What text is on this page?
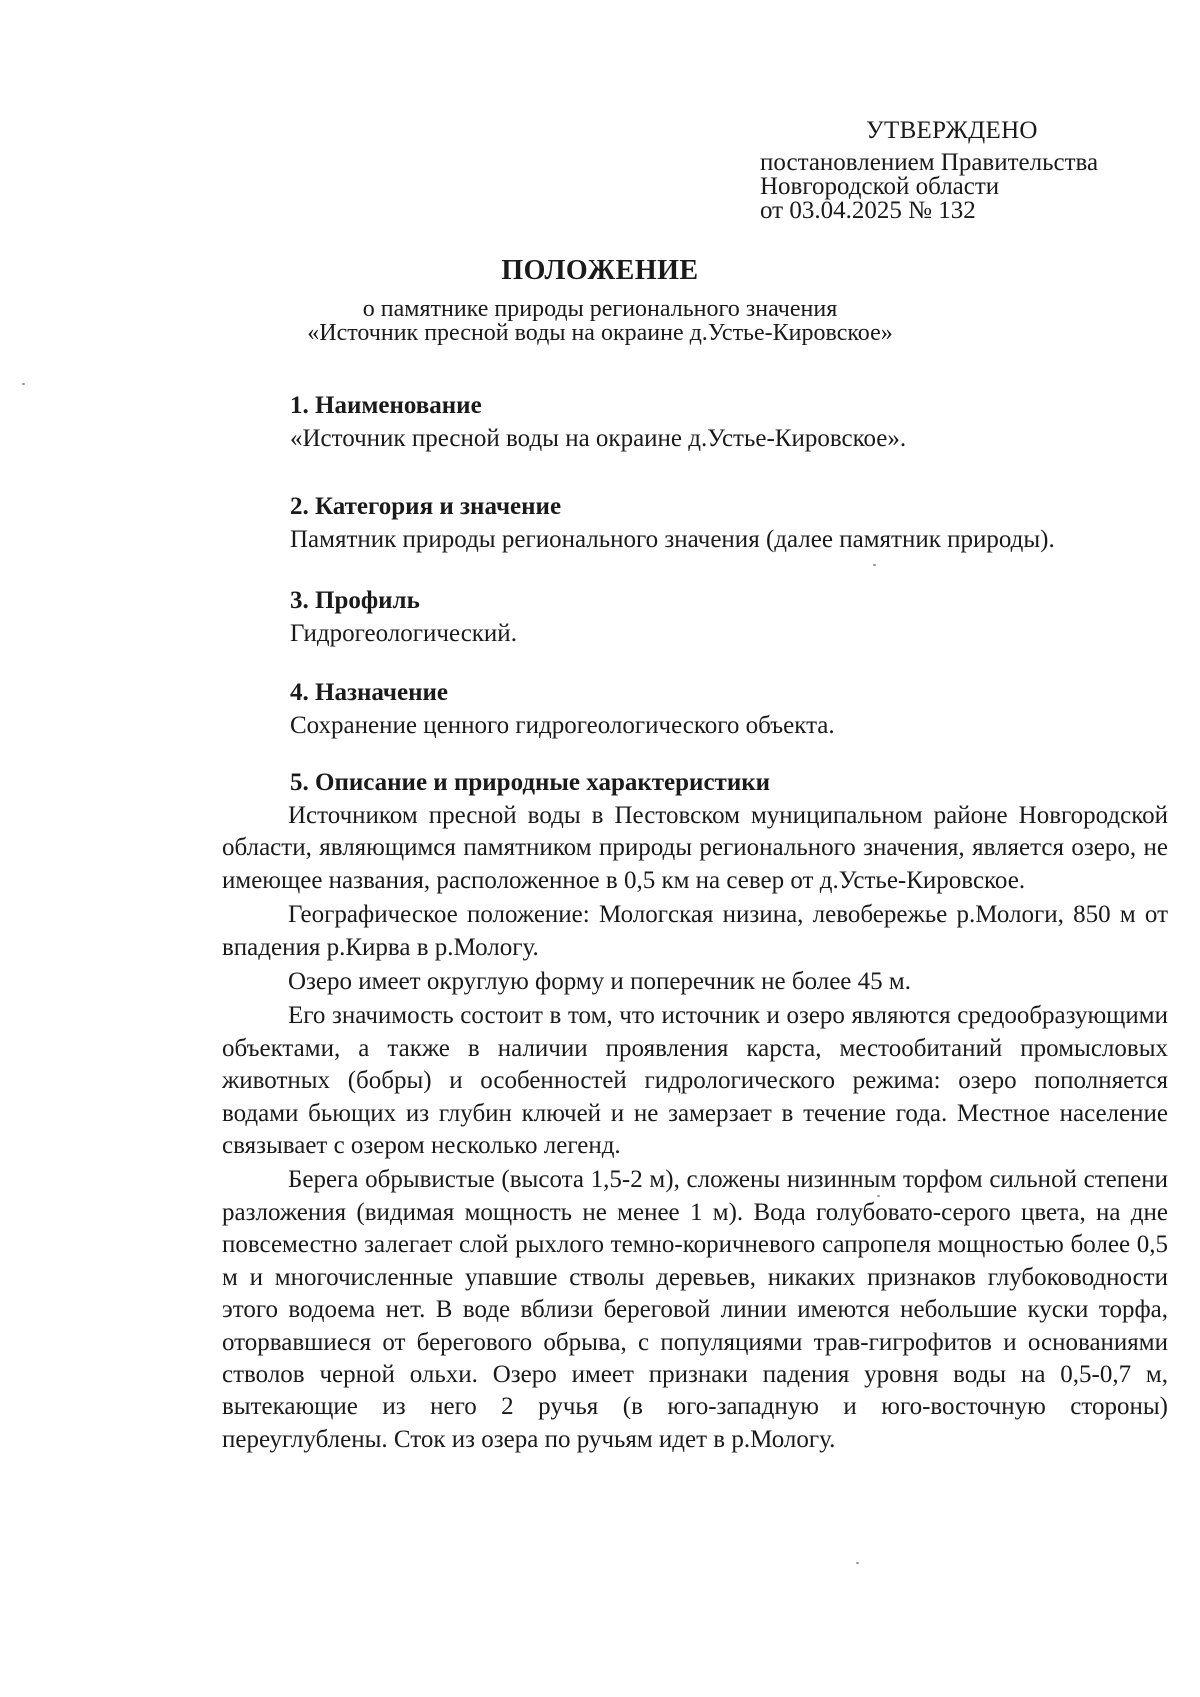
УТВЕРЖДЕНО
постановлением Правительства
Новгородской области
от 03.04.2025 № 132
ПОЛОЖЕНИЕ
о памятнике природы регионального значения
«Источник пресной воды на окраине д.Устье-Кировское»
1. Наименование
«Источник пресной воды на окраине д.Устье-Кировское».
2. Категория и значение
Памятник природы регионального значения (далее памятник природы).
3. Профиль
Гидрогеологический.
4. Назначение
Сохранение ценного гидрогеологического объекта.
5. Описание и природные характеристики

Источником пресной воды в Пестовском муниципальном районе Новгородской области, являющимся памятником природы регионального значения, является озеро, не имеющее названия, расположенное в 0,5 км на север от д.Устье-Кировское.

Географическое положение: Мологская низина, левобережье р.Мологи, 850 м от впадения р.Кирва в р.Мологу.

Озеро имеет округлую форму и поперечник не более 45 м.

Его значимость состоит в том, что источник и озеро являются средообразующими объектами, а также в наличии проявления карста, местообитаний промысловых животных (бобры) и особенностей гидрологического режима: озеро пополняется водами бьющих из глубин ключей и не замерзает в течение года. Местное население связывает с озером несколько легенд.

Берега обрывистые (высота 1,5-2 м), сложены низинным торфом сильной степени разложения (видимая мощность не менее 1 м). Вода голубовато-серого цвета, на дне повсеместно залегает слой рыхлого темно-коричневого сапропеля мощностью более 0,5 м и многочисленные упавшие стволы деревьев, никаких признаков глубоководности этого водоема нет. В воде вблизи береговой линии имеются небольшие куски торфа, оторвавшиеся от берегового обрыва, с популяциями трав-гигрофитов и основаниями стволов черной ольхи. Озеро имеет признаки падения уровня воды на 0,5-0,7 м, вытекающие из него 2 ручья (в юго-западную и юго-восточную стороны) переуглублены. Сток из озера по ручьям идет в р.Мологу.
